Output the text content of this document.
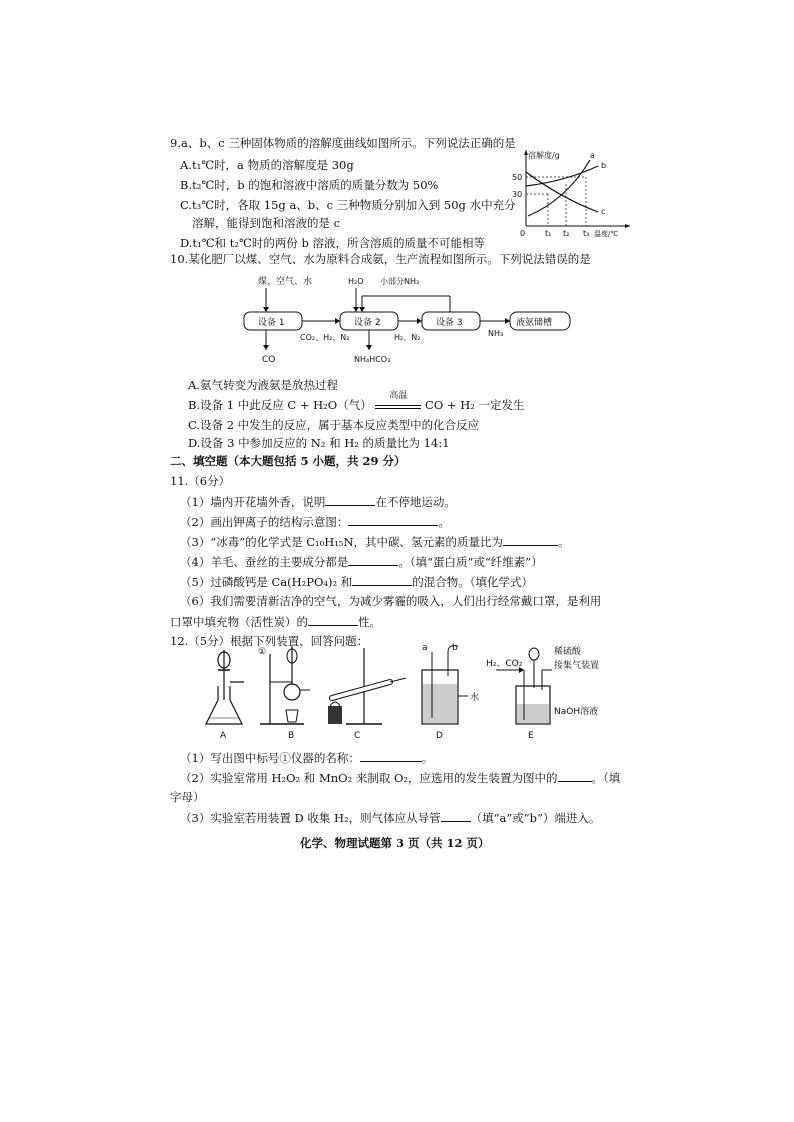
9.a、b、c 三种固体物质的溶解度曲线如图所示。下列说法正确的是
A.t₁℃时，a 物质的溶解度是 30g
B.t₂℃时，b 的饱和溶液中溶质的质量分数为 50%
C.t₃℃时，各取 15g a、b、c 三种物质分别加入到 50g 水中充分
溶解，能得到饱和溶液的是 c
D.t₁℃和 t₂℃时的两份 b 溶液，所含溶质的质量不可能相等
溶解度/g
50
30
0 t₁ t₂ t₃ 温度/℃
a
b
c
10.某化肥厂以煤、空气、水为原料合成氨，生产流程如图所示。下列说法错误的是
设备 1
煤、空气、水
CO
CO₂、H₂、N₂
设备 2
H₂O 小部分NH₃
NH₄HCO₃
H₂、N₂
设备 3
NH₃
液氨储槽
A.氨气转变为液氨是放热过程
B.设备 1 中此反应 C + H₂O（气）
高温
CO + H₂ 一定发生
C.设备 2 中发生的反应，属于基本反应类型中的化合反应
D.设备 3 中参加反应的 N₂ 和 H₂ 的质量比为 14:1
二、填空题（本大题包括 5 小题，共 29 分）
11.（6分）
（1）墙内开花墙外香，说明	在不停地运动。
（2）画出钾离子的结构示意图：	。
（3）“冰毒”的化学式是 C₁₀H₁₅N，其中碳、氢元素的质量比为	。
（4）羊毛、蚕丝的主要成分都是	。（填“蛋白质”或“纤维素”）
（5）过磷酸钙是 Ca(H₂PO₄)₂ 和	的混合物。（填化学式）
（6）我们需要清新洁净的空气，为减少雾霾的吸入，人们出行经常戴口罩，是利用
口罩中填充物（活性炭）的	性。
12.（5分）根据下列装置，回答问题：
A
①
B	C
a	b
水
D
H₂、CO₂
稀硫酸
接集气装置
NaOH溶液
E
（1）写出图中标号①仪器的名称：	。
（2）实验室常用 H₂O₂ 和 MnO₂ 来制取 O₂，应选用的发生装置为图中的	。（填
字母）
（3）实验室若用装置 D 收集 H₂，则气体应从导管	（填“a”或“b”）端进入。
化学、物理试题第 3 页（共 12 页）
